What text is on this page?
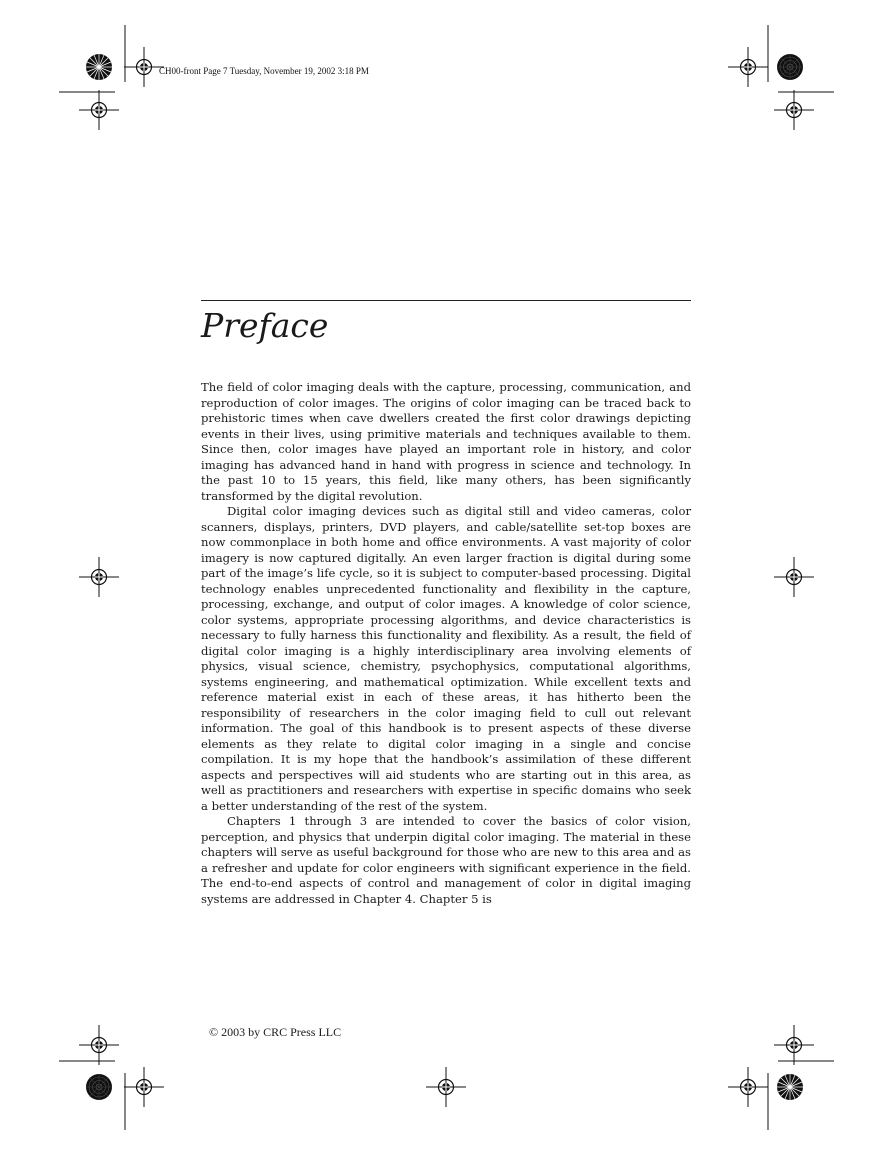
CH00-front Page 7 Tuesday, November 19, 2002 3:18 PM
Preface

The field of color imaging deals with the capture, processing, communication, and reproduction of color images. The origins of color imaging can be traced back to prehistoric times when cave dwellers created the first color drawings depicting events in their lives, using primitive materials and techniques available to them. Since then, color images have played an important role in history, and color imaging has advanced hand in hand with progress in science and technology. In the past 10 to 15 years, this field, like many others, has been significantly transformed by the digital revolution.

Digital color imaging devices such as digital still and video cameras, color scanners, displays, printers, DVD players, and cable/satellite set-top boxes are now commonplace in both home and office environments. A vast majority of color imagery is now captured digitally. An even larger fraction is digital during some part of the image’s life cycle, so it is subject to computer-based processing. Digital technology enables unprecedented functionality and flexibility in the capture, processing, exchange, and output of color images. A knowledge of color science, color systems, appropriate processing algorithms, and device characteristics is necessary to fully harness this functionality and flexibility. As a result, the field of digital color imaging is a highly interdisciplinary area involving elements of physics, visual science, chemistry, psychophysics, computational algorithms, systems engineering, and mathematical optimization. While excellent texts and reference material exist in each of these areas, it has hitherto been the responsibility of researchers in the color imaging field to cull out relevant information. The goal of this handbook is to present aspects of these diverse elements as they relate to digital color imaging in a single and concise compilation. It is my hope that the handbook’s assimilation of these different aspects and perspectives will aid students who are starting out in this area, as well as practitioners and researchers with expertise in specific domains who seek a better understanding of the rest of the system.

Chapters 1 through 3 are intended to cover the basics of color vision, perception, and physics that underpin digital color imaging. The material in these chapters will serve as useful background for those who are new to this area and as a refresher and update for color engineers with significant experience in the field. The end-to-end aspects of control and management of color in digital imaging systems are addressed in Chapter 4. Chapter 5 is

© 2003 by CRC Press LLC
